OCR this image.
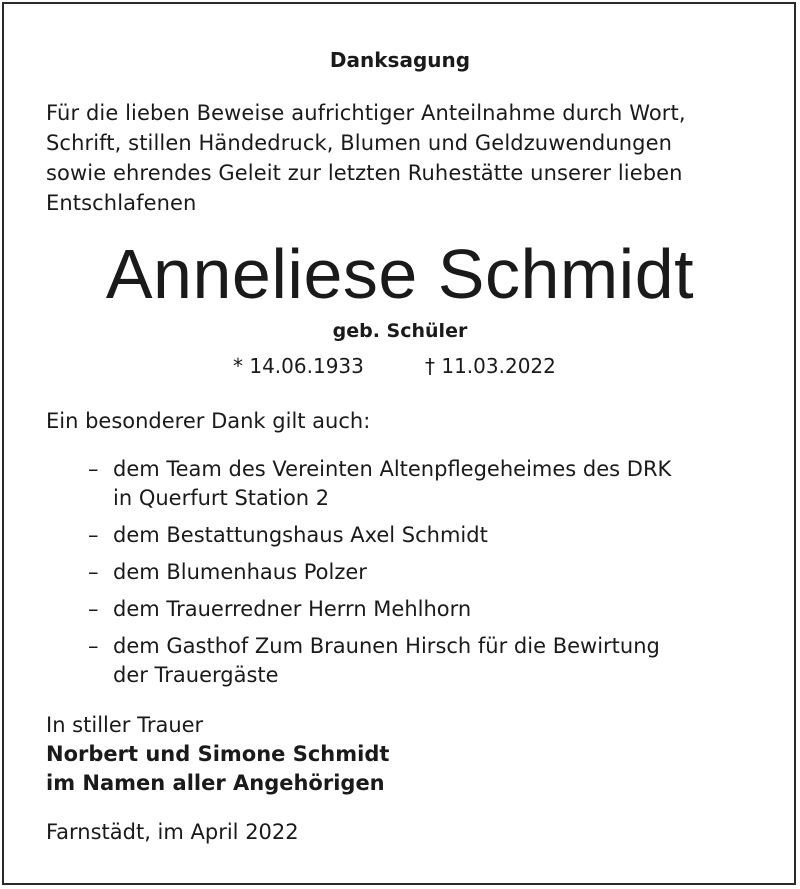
Danksagung
Für die lieben Beweise aufrichtiger Anteilnahme durch Wort,
Schrift, stillen Händedruck, Blumen und Geldzuwendungen
sowie ehrendes Geleit zur letzten Ruhestätte unserer lieben
Entschlafenen
Anneliese Schmidt
geb. Schüler
* 14.06.1933	† 11.03.2022
Ein besonderer Dank gilt auch:
– dem Team des Vereinten Altenpflegeheimes des DRK
in Querfurt Station 2
– dem Bestattungshaus Axel Schmidt
– dem Blumenhaus Polzer
– dem Trauerredner Herrn Mehlhorn
– dem Gasthof Zum Braunen Hirsch für die Bewirtung
der Trauergäste
In stiller Trauer
Norbert und Simone Schmidt
im Namen aller Angehörigen
Farnstädt, im April 2022
